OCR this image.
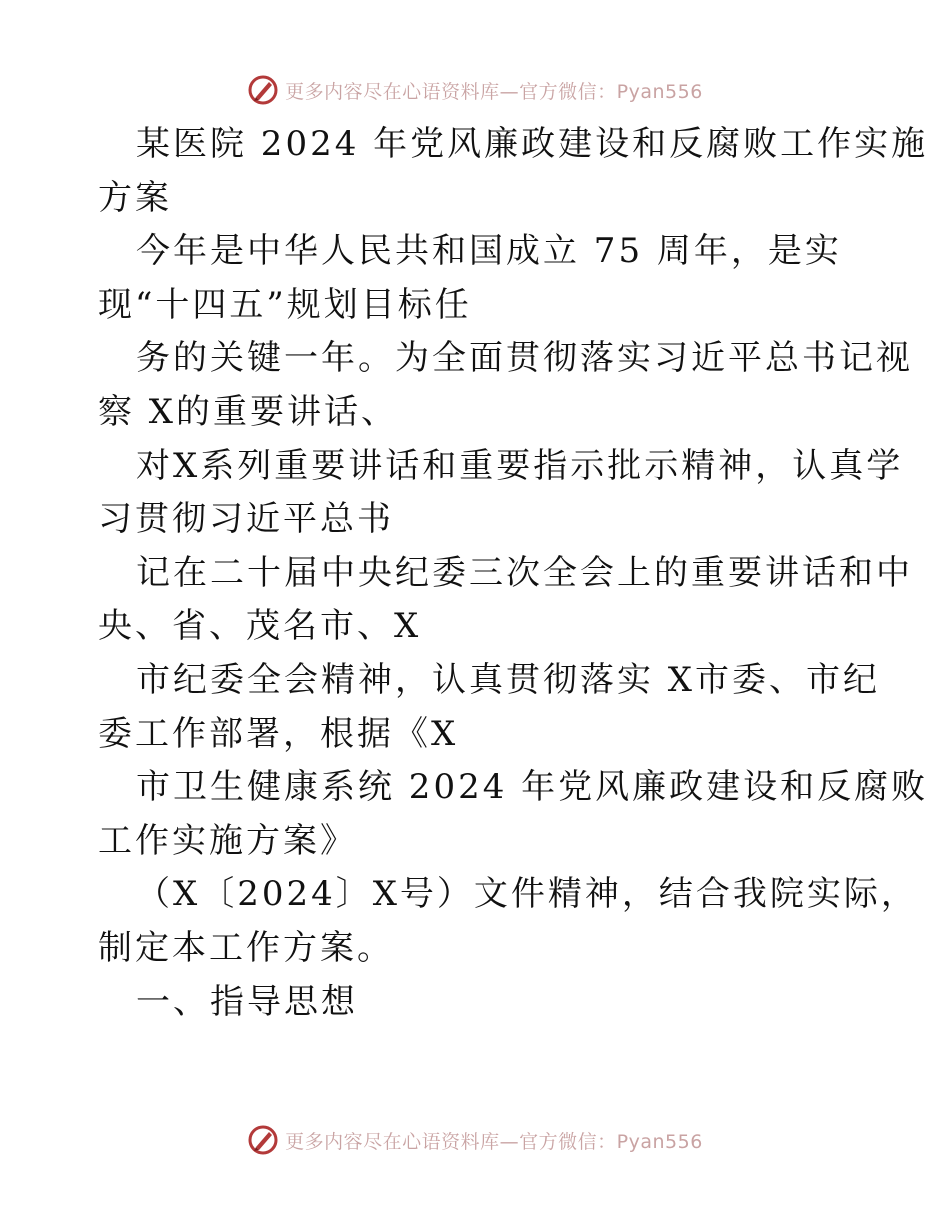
更多内容尽在心语资料库—官方微信：Pyan556
某医院 2024 年党风廉政建设和反腐败工作实施
方案
今年是中华人民共和国成立 75 周年，是实
现“十四五”规划目标任
务的关键一年。为全面贯彻落实习近平总书记视
察 X的重要讲话、
对X系列重要讲话和重要指示批示精神，认真学
习贯彻习近平总书
记在二十届中央纪委三次全会上的重要讲话和中
央、省、茂名市、X
市纪委全会精神，认真贯彻落实 X市委、市纪
委工作部署，根据《X
市卫生健康系统 2024 年党风廉政建设和反腐败
工作实施方案》
（X〔2024〕X号）文件精神，结合我院实际，
制定本工作方案。
一、指导思想
更多内容尽在心语资料库—官方微信：Pyan556
